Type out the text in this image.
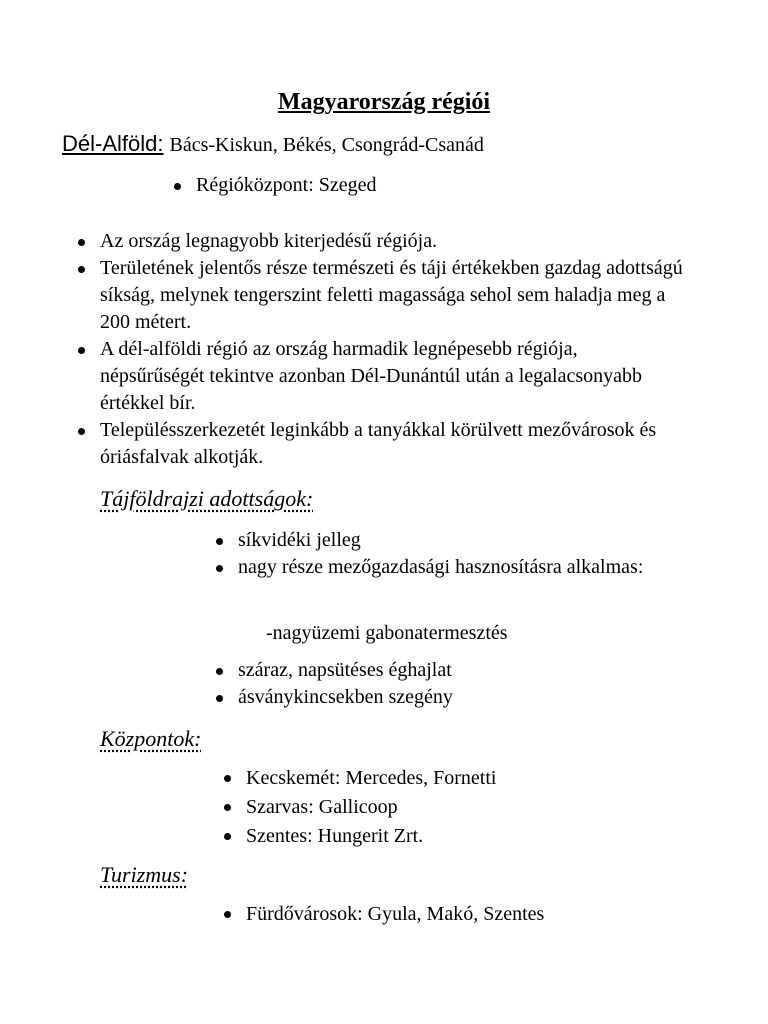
Magyarország régiói
Dél-Alföld: Bács-Kiskun, Békés, Csongrád-Csanád
Régióközpont: Szeged
Az ország legnagyobb kiterjedésű régiója.
Területének jelentős része természeti és táji értékekben gazdag adottságú síkság, melynek tengerszint feletti magassága sehol sem haladja meg a 200 métert.
A dél-alföldi régió az ország harmadik legnépesebb régiója, népsűrűségét tekintve azonban Dél-Dunántúl után a legalacsonyabb értékkel bír.
Településszerkezetét leginkább a tanyákkal körülvett mezővárosok és óriásfalvak alkotják.
Tájföldrajzi adottságok:
síkvidéki jelleg
nagy része mezőgazdasági hasznosításra alkalmas:
-nagyüzemi gabonatermesztés
száraz, napsütéses éghajlat
ásványkincsekben szegény
Központok:
Kecskemét: Mercedes, Fornetti
Szarvas: Gallicoop
Szentes: Hungerit Zrt.
Turizmus:
Fürdővárosok: Gyula, Makó, Szentes
